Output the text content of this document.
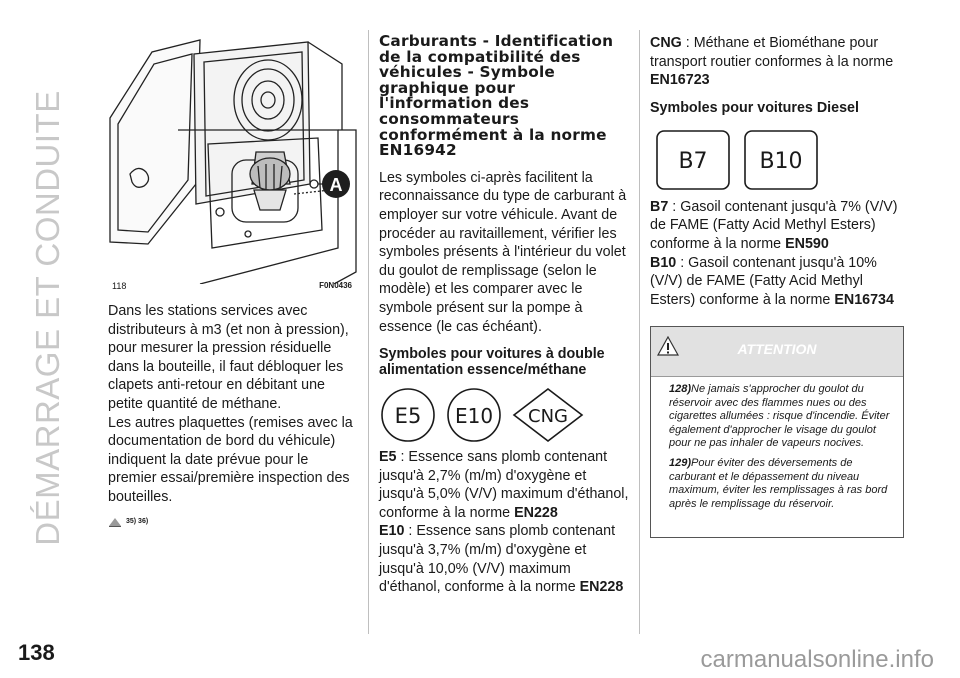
DÉMARRAGE ET CONDUITE	A
118	F0N0436

Dans les stations services avec distributeurs à m3 (et non à pression), pour mesurer la pression résiduelle dans la bouteille, il faut débloquer les clapets anti-retour en débitant une petite quantité de méthane.

Les autres plaquettes (remises avec la documentation de bord du véhicule) indiquent la date prévue pour le premier essai/première inspection des bouteilles.

35) 36)
Carburants - Identification de la compatibilité des véhicules - Symbole graphique pour l'information des consommateurs conformément à la norme EN16942

Les symboles ci-après facilitent la reconnaissance du type de carburant à employer sur votre véhicule. Avant de procéder au ravitaillement, vérifier les symboles présents à l'intérieur du volet du goulot de remplissage (selon le modèle) et les comparer avec le symbole présent sur la pompe à essence (le cas échéant).

Symboles pour voitures à double alimentation essence/méthane
E5 E10 CNG

E5 : Essence sans plomb contenant jusqu'à 2,7% (m/m) d'oxygène et jusqu'à 5,0% (V/V) maximum d'éthanol, conforme à la norme EN228

E10 : Essence sans plomb contenant jusqu'à 3,7% (m/m) d'oxygène et jusqu'à 10,0% (V/V) maximum d'éthanol, conforme à la norme EN228

CNG : Méthane et Biométhane pour transport routier conformes à la norme EN16723

Symboles pour voitures Diesel
B7 B10

B7 : Gasoil contenant jusqu'à 7% (V/V) de FAME (Fatty Acid Methyl Esters) conforme à la norme EN590

B10 : Gasoil contenant jusqu'à 10% (V/V) de FAME (Fatty Acid Methyl Esters) conforme à la norme EN16734

ATTENTION

128)Ne jamais s'approcher du goulot du réservoir avec des flammes nues ou des cigarettes allumées : risque d'incendie. Éviter également d'approcher le visage du goulot pour ne pas inhaler de vapeurs nocives.

129)Pour éviter des déversements de carburant et le dépassement du niveau maximum, éviter les remplissages à ras bord après le remplissage du réservoir.

138	carmanualsonline.info
